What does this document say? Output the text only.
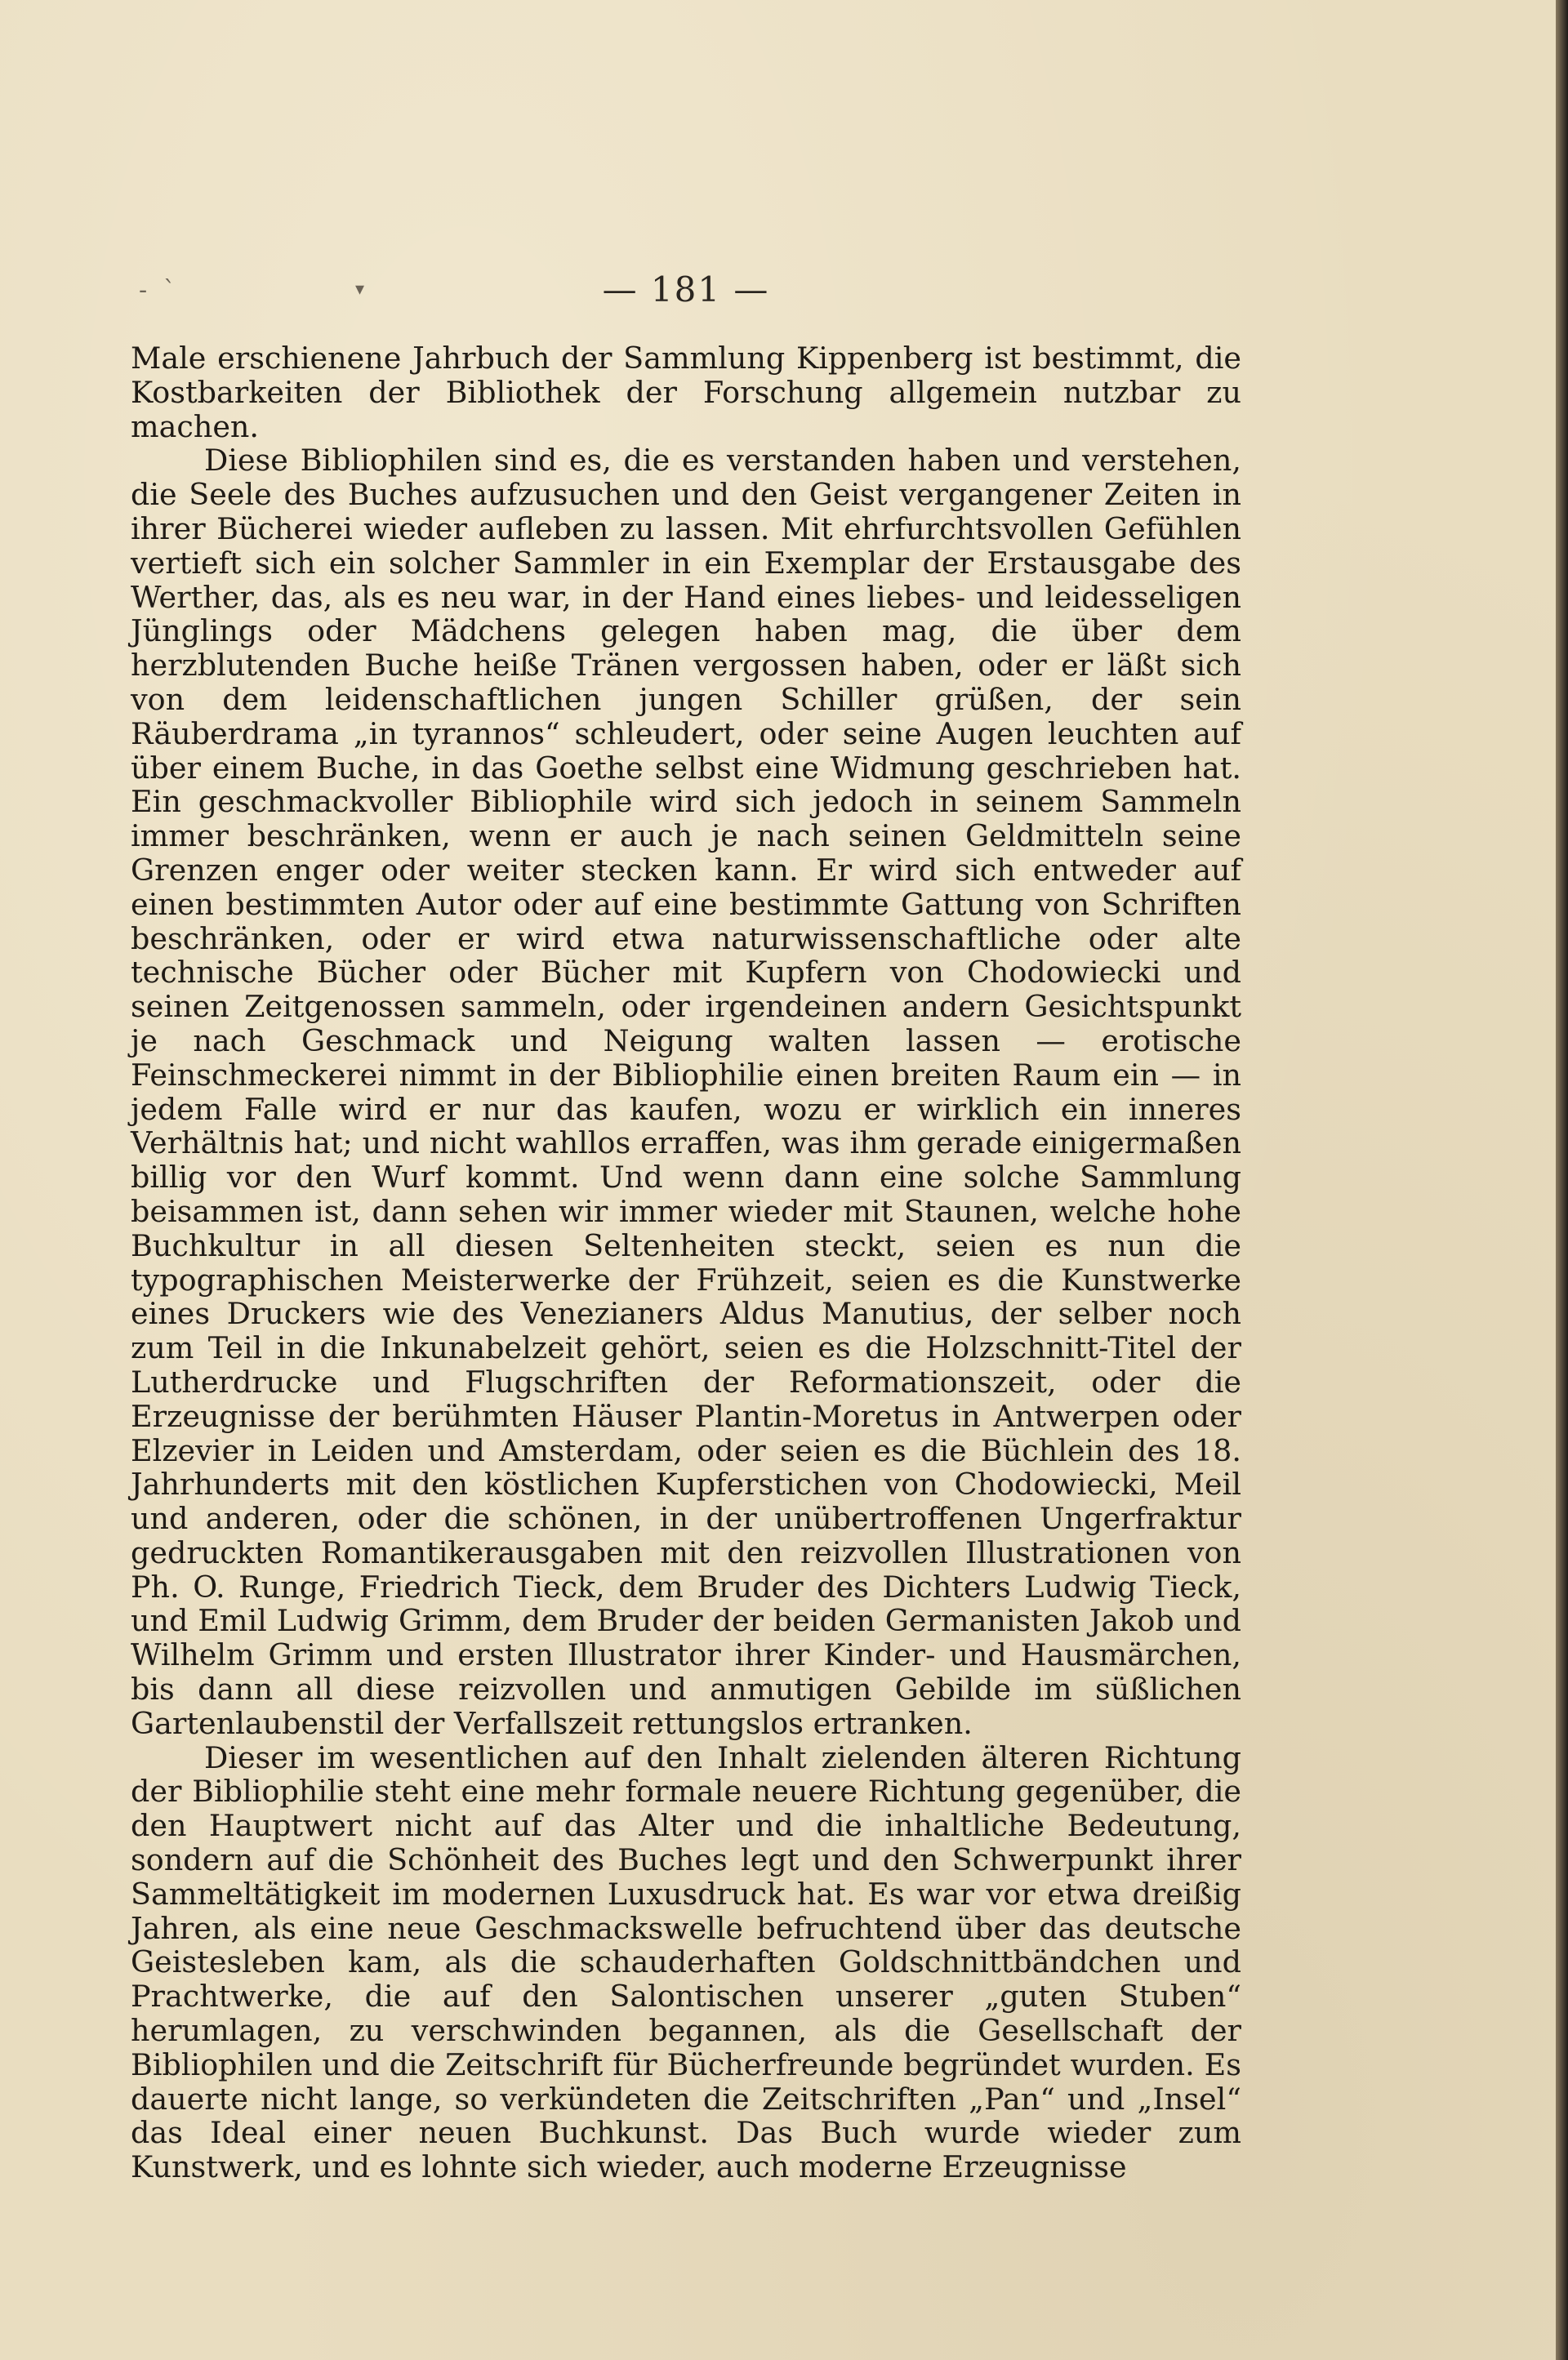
- `	▾	— 181 —

Male erschienene Jahrbuch der Sammlung Kippenberg ist bestimmt, die Kostbarkeiten der Bibliothek der Forschung allgemein nutzbar zu machen.

Diese Bibliophilen sind es, die es verstanden haben und verstehen, die Seele des Buches aufzusuchen und den Geist vergangener Zeiten in ihrer Bücherei wieder aufleben zu lassen. Mit ehrfurchtsvollen Gefühlen vertieft sich ein solcher Sammler in ein Exemplar der Erstausgabe des Werther, das, als es neu war, in der Hand eines liebes- und leidesseligen Jünglings oder Mädchens gelegen haben mag, die über dem herzblutenden Buche heiße Tränen vergossen haben, oder er läßt sich von dem leidenschaftlichen jungen Schiller grüßen, der sein Räuberdrama „in tyrannos“ schleudert, oder seine Augen leuchten auf über einem Buche, in das Goethe selbst eine Widmung geschrieben hat. Ein geschmackvoller Bibliophile wird sich jedoch in seinem Sammeln immer beschränken, wenn er auch je nach seinen Geldmitteln seine Grenzen enger oder weiter stecken kann. Er wird sich entweder auf einen bestimmten Autor oder auf eine bestimmte Gattung von Schriften beschränken, oder er wird etwa naturwissenschaftliche oder alte technische Bücher oder Bücher mit Kupfern von Chodowiecki und seinen Zeitgenossen sammeln, oder irgendeinen andern Gesichtspunkt je nach Geschmack und Neigung walten lassen — erotische Feinschmeckerei nimmt in der Bibliophilie einen breiten Raum ein — in jedem Falle wird er nur das kaufen, wozu er wirklich ein inneres Verhältnis hat; und nicht wahllos erraffen, was ihm gerade einigermaßen billig vor den Wurf kommt. Und wenn dann eine solche Sammlung beisammen ist, dann sehen wir immer wieder mit Staunen, welche hohe Buchkultur in all diesen Seltenheiten steckt, seien es nun die typographischen Meisterwerke der Frühzeit, seien es die Kunstwerke eines Druckers wie des Venezianers Aldus Manutius, der selber noch zum Teil in die Inkunabelzeit gehört, seien es die Holzschnitt-Titel der Lutherdrucke und Flugschriften der Reformationszeit, oder die Erzeugnisse der berühmten Häuser Plantin-Moretus in Antwerpen oder Elzevier in Leiden und Amsterdam, oder seien es die Büchlein des 18. Jahrhunderts mit den köstlichen Kupferstichen von Chodowiecki, Meil und anderen, oder die schönen, in der unübertroffenen Ungerfraktur gedruckten Romantikerausgaben mit den reizvollen Illustrationen von Ph. O. Runge, Friedrich Tieck, dem Bruder des Dichters Ludwig Tieck, und Emil Ludwig Grimm, dem Bruder der beiden Germanisten Jakob und Wilhelm Grimm und ersten Illustrator ihrer Kinder- und Hausmärchen, bis dann all diese reizvollen und anmutigen Gebilde im süßlichen Gartenlaubenstil der Verfallszeit rettungslos ertranken.

Dieser im wesentlichen auf den Inhalt zielenden älteren Richtung der Bibliophilie steht eine mehr formale neuere Richtung gegenüber, die den Hauptwert nicht auf das Alter und die inhaltliche Bedeutung, sondern auf die Schönheit des Buches legt und den Schwerpunkt ihrer Sammeltätigkeit im modernen Luxusdruck hat. Es war vor etwa dreißig Jahren, als eine neue Geschmackswelle befruchtend über das deutsche Geistesleben kam, als die schauderhaften Goldschnittbändchen und Prachtwerke, die auf den Salontischen unserer „guten Stuben“ herumlagen, zu verschwinden begannen, als die Gesellschaft der Bibliophilen und die Zeitschrift für Bücherfreunde begründet wurden. Es dauerte nicht lange, so verkündeten die Zeitschriften „Pan“ und „Insel“ das Ideal einer neuen Buchkunst. Das Buch wurde wieder zum Kunstwerk, und es lohnte sich wieder, auch moderne Erzeugnisse
